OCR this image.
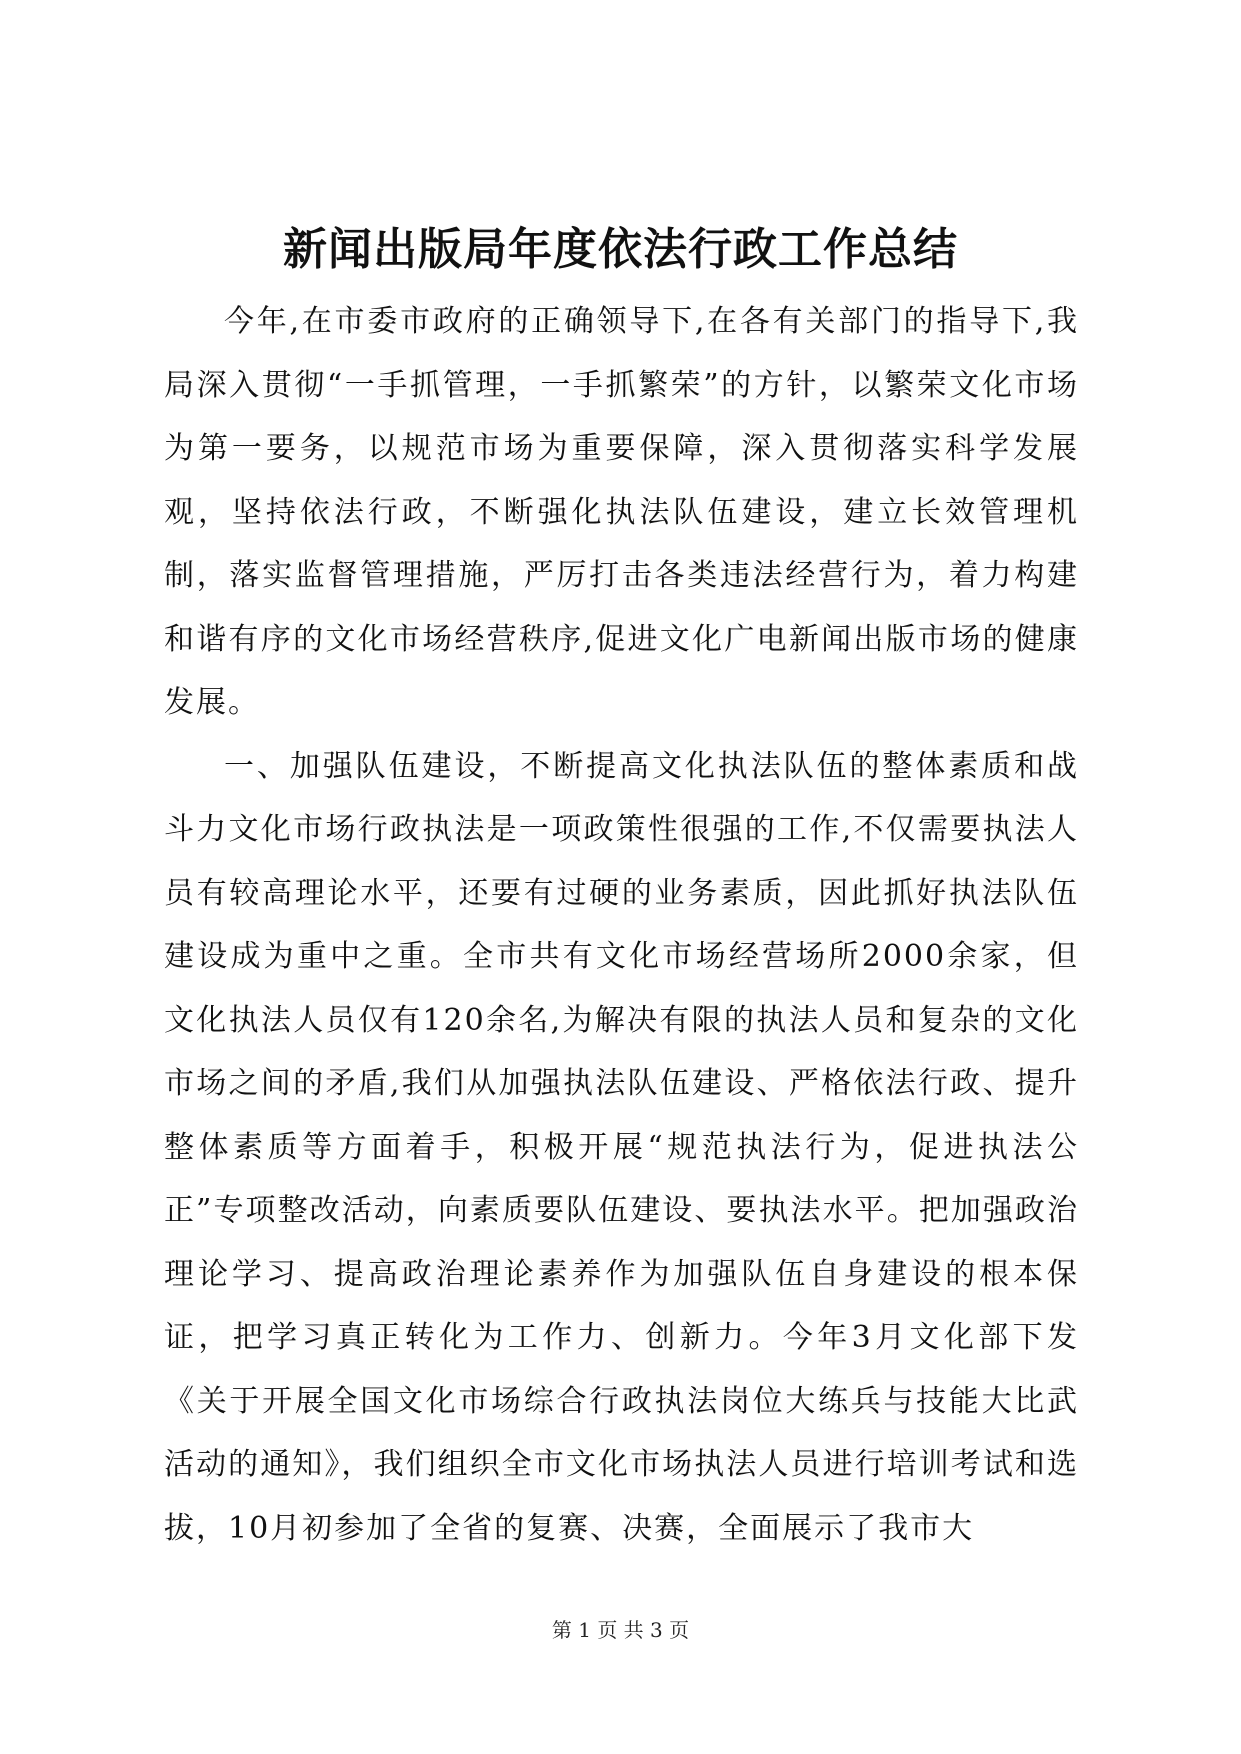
新闻出版局年度依法行政工作总结

今年,在市委市政府的正确领导下,在各有关部门的指导下,我局深入贯彻“一手抓管理，一手抓繁荣”的方针，以繁荣文化市场为第一要务，以规范市场为重要保障，深入贯彻落实科学发展观，坚持依法行政，不断强化执法队伍建设，建立长效管理机制，落实监督管理措施，严厉打击各类违法经营行为，着力构建和谐有序的文化市场经营秩序,促进文化广电新闻出版市场的健康发展。

一、加强队伍建设，不断提高文化执法队伍的整体素质和战斗力文化市场行政执法是一项政策性很强的工作,不仅需要执法人员有较高理论水平，还要有过硬的业务素质，因此抓好执法队伍建设成为重中之重。全市共有文化市场经营场所2000余家，但文化执法人员仅有120余名,为解决有限的执法人员和复杂的文化市场之间的矛盾,我们从加强执法队伍建设、严格依法行政、提升整体素质等方面着手，积极开展“规范执法行为，促进执法公正”专项整改活动，向素质要队伍建设、要执法水平。把加强政治理论学习、提高政治理论素养作为加强队伍自身建设的根本保证，把学习真正转化为工作力、创新力。今年3月文化部下发《关于开展全国文化市场综合行政执法岗位大练兵与技能大比武活动的通知》，我们组织全市文化市场执法人员进行培训考试和选拔，10月初参加了全省的复赛、决赛，全面展示了我市大

第 1 页 共 3 页
